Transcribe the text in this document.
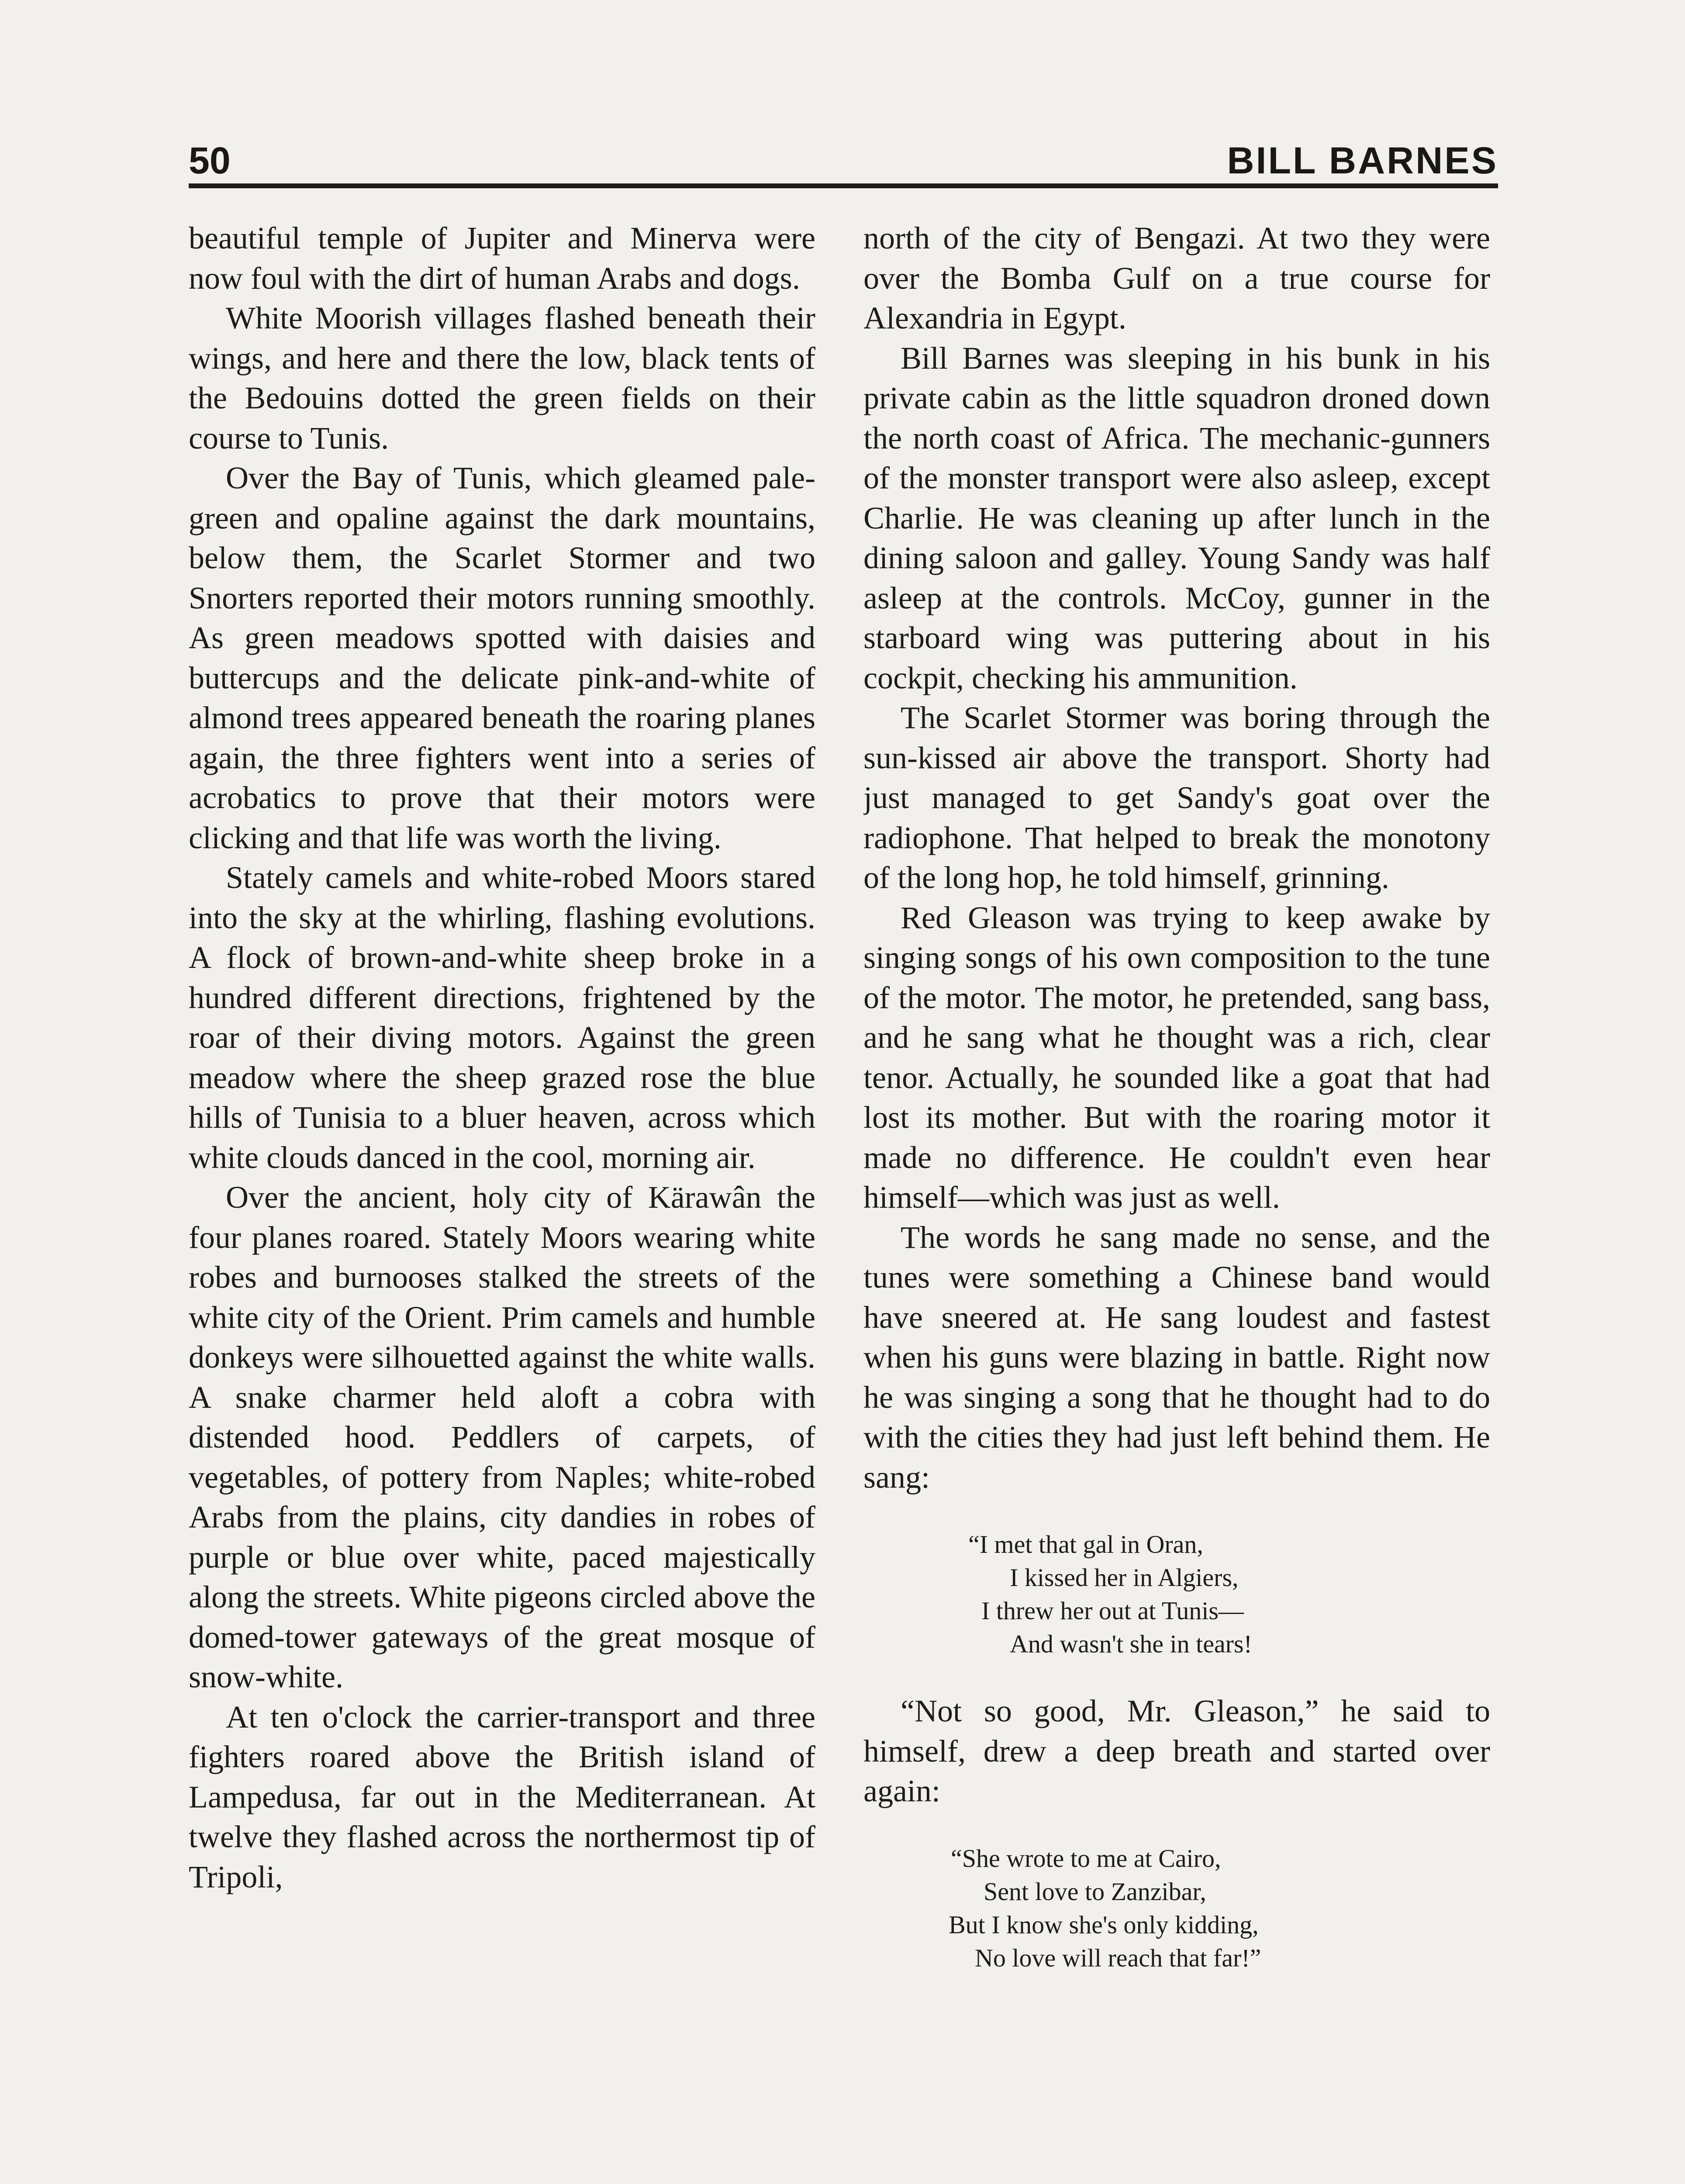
50	BILL BARNES

beautiful temple of Jupiter and Minerva were now foul with the dirt of human Arabs and dogs.

White Moorish villages flashed beneath their wings, and here and there the low, black tents of the Bedouins dotted the green fields on their course to Tunis.

Over the Bay of Tunis, which gleamed pale-green and opaline against the dark mountains, below them, the Scarlet Stormer and two Snorters reported their motors running smoothly. As green meadows spotted with daisies and buttercups and the delicate pink-and-white of almond trees appeared beneath the roaring planes again, the three fighters went into a series of acrobatics to prove that their motors were clicking and that life was worth the living.

Stately camels and white-robed Moors stared into the sky at the whirling, flashing evolutions. A flock of brown-and-white sheep broke in a hundred different directions, frightened by the roar of their diving motors. Against the green meadow where the sheep grazed rose the blue hills of Tunisia to a bluer heaven, across which white clouds danced in the cool, morning air.

Over the ancient, holy city of Kärawân the four planes roared. Stately Moors wearing white robes and burnooses stalked the streets of the white city of the Orient. Prim camels and humble donkeys were silhouetted against the white walls. A snake charmer held aloft a cobra with distended hood. Peddlers of carpets, of vegetables, of pottery from Naples; white-robed Arabs from the plains, city dandies in robes of purple or blue over white, paced majestically along the streets. White pigeons circled above the domed-tower gateways of the great mosque of snow-white.

At ten o'clock the carrier-transport and three fighters roared above the British island of Lampedusa, far out in the Mediterranean. At twelve they flashed across the northermost tip of Tripoli,

north of the city of Bengazi. At two they were over the Bomba Gulf on a true course for Alexandria in Egypt.

Bill Barnes was sleeping in his bunk in his private cabin as the little squadron droned down the north coast of Africa. The mechanic-gunners of the monster transport were also asleep, except Charlie. He was cleaning up after lunch in the dining saloon and galley. Young Sandy was half asleep at the controls. McCoy, gunner in the starboard wing was puttering about in his cockpit, checking his ammunition.

The Scarlet Stormer was boring through the sun-kissed air above the transport. Shorty had just managed to get Sandy's goat over the radiophone. That helped to break the monotony of the long hop, he told himself, grinning.

Red Gleason was trying to keep awake by singing songs of his own composition to the tune of the motor. The motor, he pretended, sang bass, and he sang what he thought was a rich, clear tenor. Actually, he sounded like a goat that had lost its mother. But with the roaring motor it made no difference. He couldn't even hear himself—which was just as well.

The words he sang made no sense, and the tunes were something a Chinese band would have sneered at. He sang loudest and fastest when his guns were blazing in battle. Right now he was singing a song that he thought had to do with the cities they had just left behind them. He sang:

“I met that gal in Oran,
I kissed her in Algiers,
I threw her out at Tunis—
And wasn't she in tears!

“Not so good, Mr. Gleason,” he said to himself, drew a deep breath and started over again:

“She wrote to me at Cairo,
Sent love to Zanzibar,
But I know she's only kidding,
No love will reach that far!”
